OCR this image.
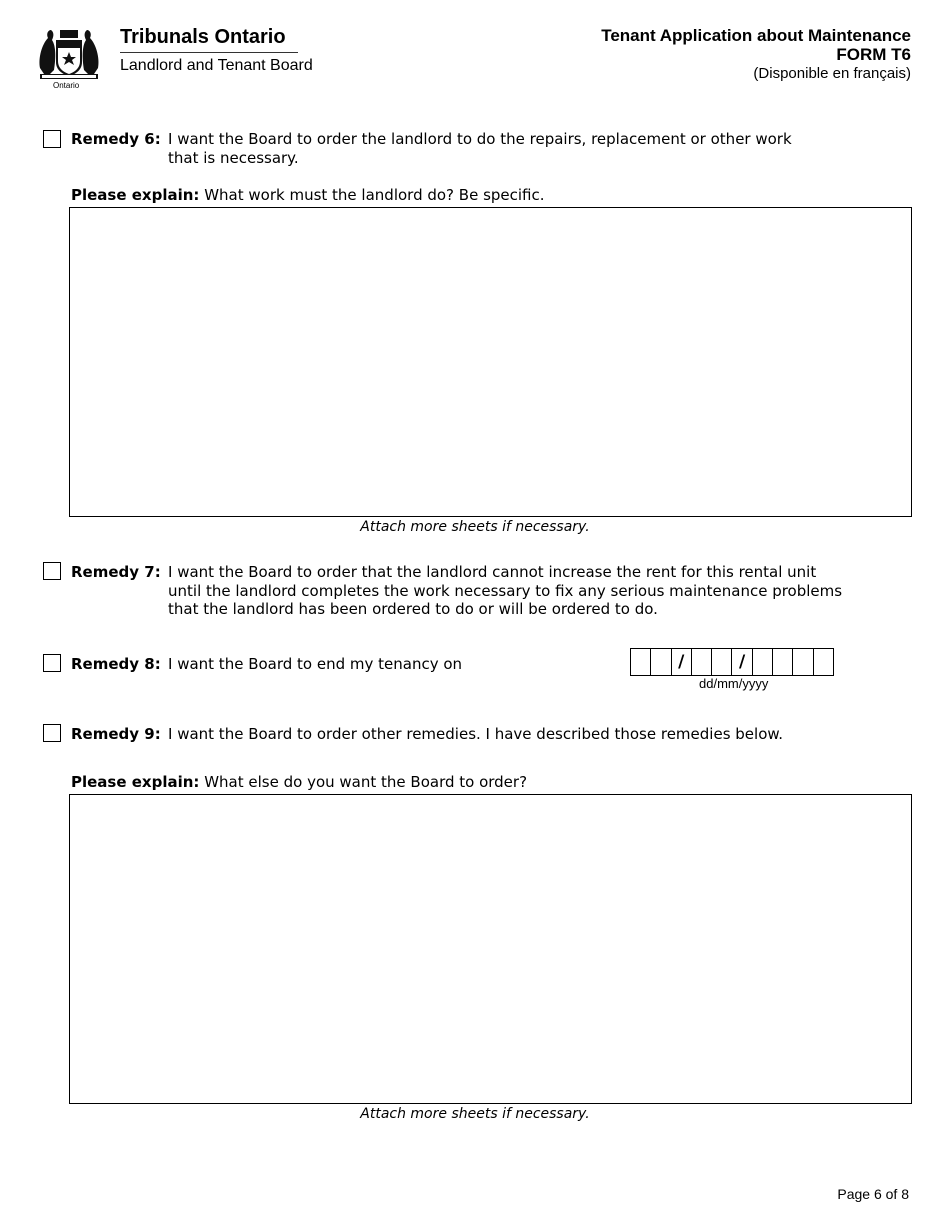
Ontario
Tribunals Ontario
Landlord and Tenant Board
Tenant Application about Maintenance
FORM T6
(Disponible en français)
Remedy 6: I want the Board to order the landlord to do the repairs, replacement or other work
that is necessary.
Please explain: What work must the landlord do? Be specific.
Attach more sheets if necessary.
Remedy 7: I want the Board to order that the landlord cannot increase the rent for this rental unit
until the landlord completes the work necessary to fix any serious maintenance problems
that the landlord has been ordered to do or will be ordered to do.
Remedy 8: I want the Board to end my tenancy on	/	/
dd/mm/yyyy
Remedy 9: I want the Board to order other remedies. I have described those remedies below.
Please explain: What else do you want the Board to order?
Attach more sheets if necessary.
Page 6 of 8
